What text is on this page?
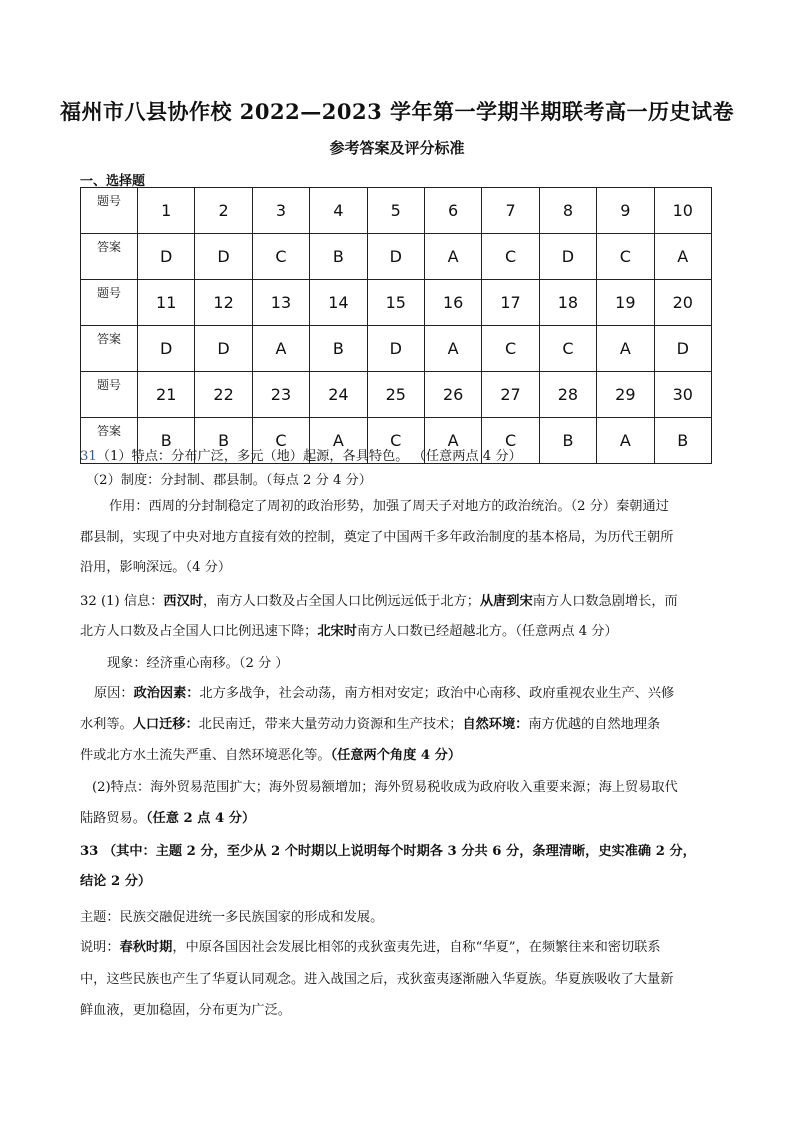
福州市八县协作校 2022—2023 学年第一学期半期联考高一历史试卷
参考答案及评分标准
一、选择题
题号	1	2	3	4	5	6	7	8	9	10
答案	D	D	C	B	D	A	C	D	C	A
题号	11	12	13	14	15	16	17	18	19	20
答案	D	D	A	B	D	A	C	C	A	D
题号	21	22	23	24	25	26	27	28	29	30
答案	B	B	C	A	C	A	C	B	A	B
31（1）特点：分布广泛，多元（地）起源，各具特色。 （任意两点 4 分）
（2）制度：分封制、郡县制。（每点 2 分 4 分）
作用：西周的分封制稳定了周初的政治形势，加强了周天子对地方的政治统治。（2 分）秦朝通过
郡县制，实现了中央对地方直接有效的控制，奠定了中国两千多年政治制度的基本格局，为历代王朝所
沿用，影响深远。（4 分）
32 (1) 信息：西汉时，南方人口数及占全国人口比例远远低于北方；从唐到宋南方人口数急剧增长，而
北方人口数及占全国人口比例迅速下降；北宋时南方人口数已经超越北方。（任意两点 4 分）
现象：经济重心南移。（2 分 ）
原因：政治因素：北方多战争，社会动荡，南方相对安定；政治中心南移、政府重视农业生产、兴修
水利等。人口迁移：北民南迁，带来大量劳动力资源和生产技术；自然环境：南方优越的自然地理条
件或北方水土流失严重、自然环境恶化等。（任意两个角度 4 分）
(2)特点：海外贸易范围扩大；海外贸易额增加；海外贸易税收成为政府收入重要来源；海上贸易取代
陆路贸易。（任意 2 点 4 分）
33 （其中：主题 2 分，至少从 2 个时期以上说明每个时期各 3 分共 6 分，条理清晰，史实准确 2 分，
结论 2 分）
主题：民族交融促进统一多民族国家的形成和发展。
说明：春秋时期，中原各国因社会发展比相邻的戎狄蛮夷先进，自称“华夏”，在频繁往来和密切联系
中，这些民族也产生了华夏认同观念。进入战国之后，戎狄蛮夷逐渐融入华夏族。华夏族吸收了大量新
鲜血液，更加稳固，分布更为广泛。
